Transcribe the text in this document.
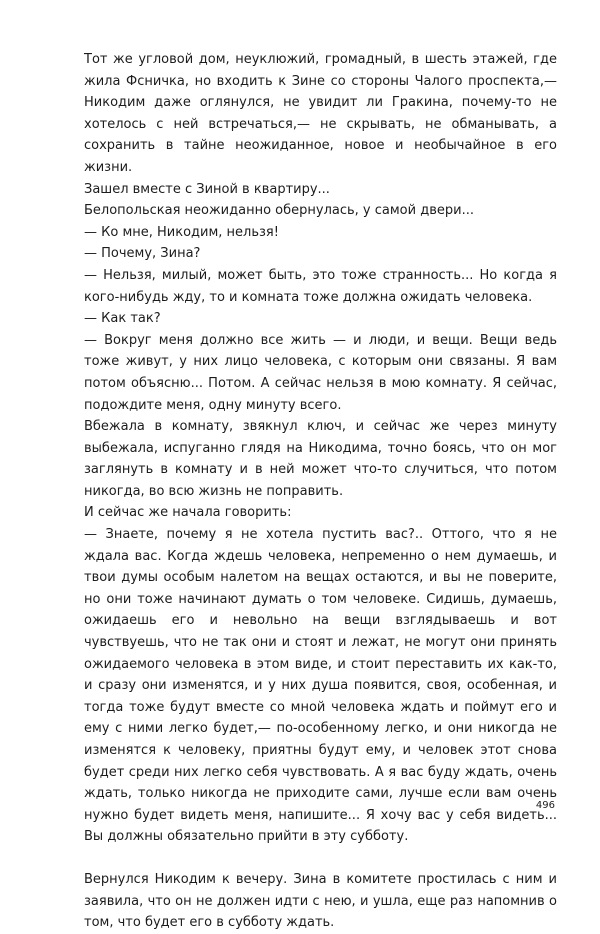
Тот же угловой дом, неуклюжий, громадный, в шесть этажей, где жила Фсничка, но входить к Зине со стороны Чалого проспекта,— Никодим даже оглянулся, не увидит ли Гракина, почему-то не хотелось с ней встречаться,— не скрывать, не обманывать, а сохранить в тайне неожиданное, новое и необычайное в его жизни.

Зашел вместе с Зиной в квартиру...

Белопольская неожиданно обернулась, у самой двери...

— Ко мне, Никодим, нельзя!

— Почему, Зина?

— Нельзя, милый, может быть, это тоже странность... Но когда я кого-нибудь жду, то и комната тоже должна ожидать человека.

— Как так?

— Вокруг меня должно все жить — и люди, и вещи. Вещи ведь тоже живут, у них лицо человека, с которым они связаны. Я вам потом объясню... Потом. А сейчас нельзя в мою комнату. Я сейчас, подождите меня, одну минуту всего.

Вбежала в комнату, звякнул ключ, и сейчас же через минуту выбежала, испуганно глядя на Никодима, точно боясь, что он мог заглянуть в комнату и в ней может что-то случиться, что потом никогда, во всю жизнь не поправить.

И сейчас же начала говорить:

— Знаете, почему я не хотела пустить вас?.. Оттого, что я не ждала вас. Когда ждешь человека, непременно о нем думаешь, и твои думы особым налетом на вещах остаются, и вы не поверите, но они тоже начинают думать о том человеке. Сидишь, думаешь, ожидаешь его и невольно на вещи взглядываешь и вот чувствуешь, что не так они и стоят и лежат, не могут они принять ожидаемого человека в этом виде, и стоит переставить их как-то, и сразу они изменятся, и у них душа появится, своя, особенная, и тогда тоже будут вместе со мной человека ждать и поймут его и ему с ними легко будет,— по-особенному легко, и они никогда не изменятся к человеку, приятны будут ему, и человек этот снова будет среди них легко себя чувствовать. А я вас буду ждать, очень ждать, только никогда не приходите сами, лучше если вам очень нужно будет видеть меня, напишите... Я хочу вас у себя видеть... Вы должны обязательно прийти в эту субботу.

Вернулся Никодим к вечеру. Зина в комитете простилась с ним и заявила, что он не должен идти с нею, и ушла, еще раз напомнив о том, что будет его в субботу ждать.

496
